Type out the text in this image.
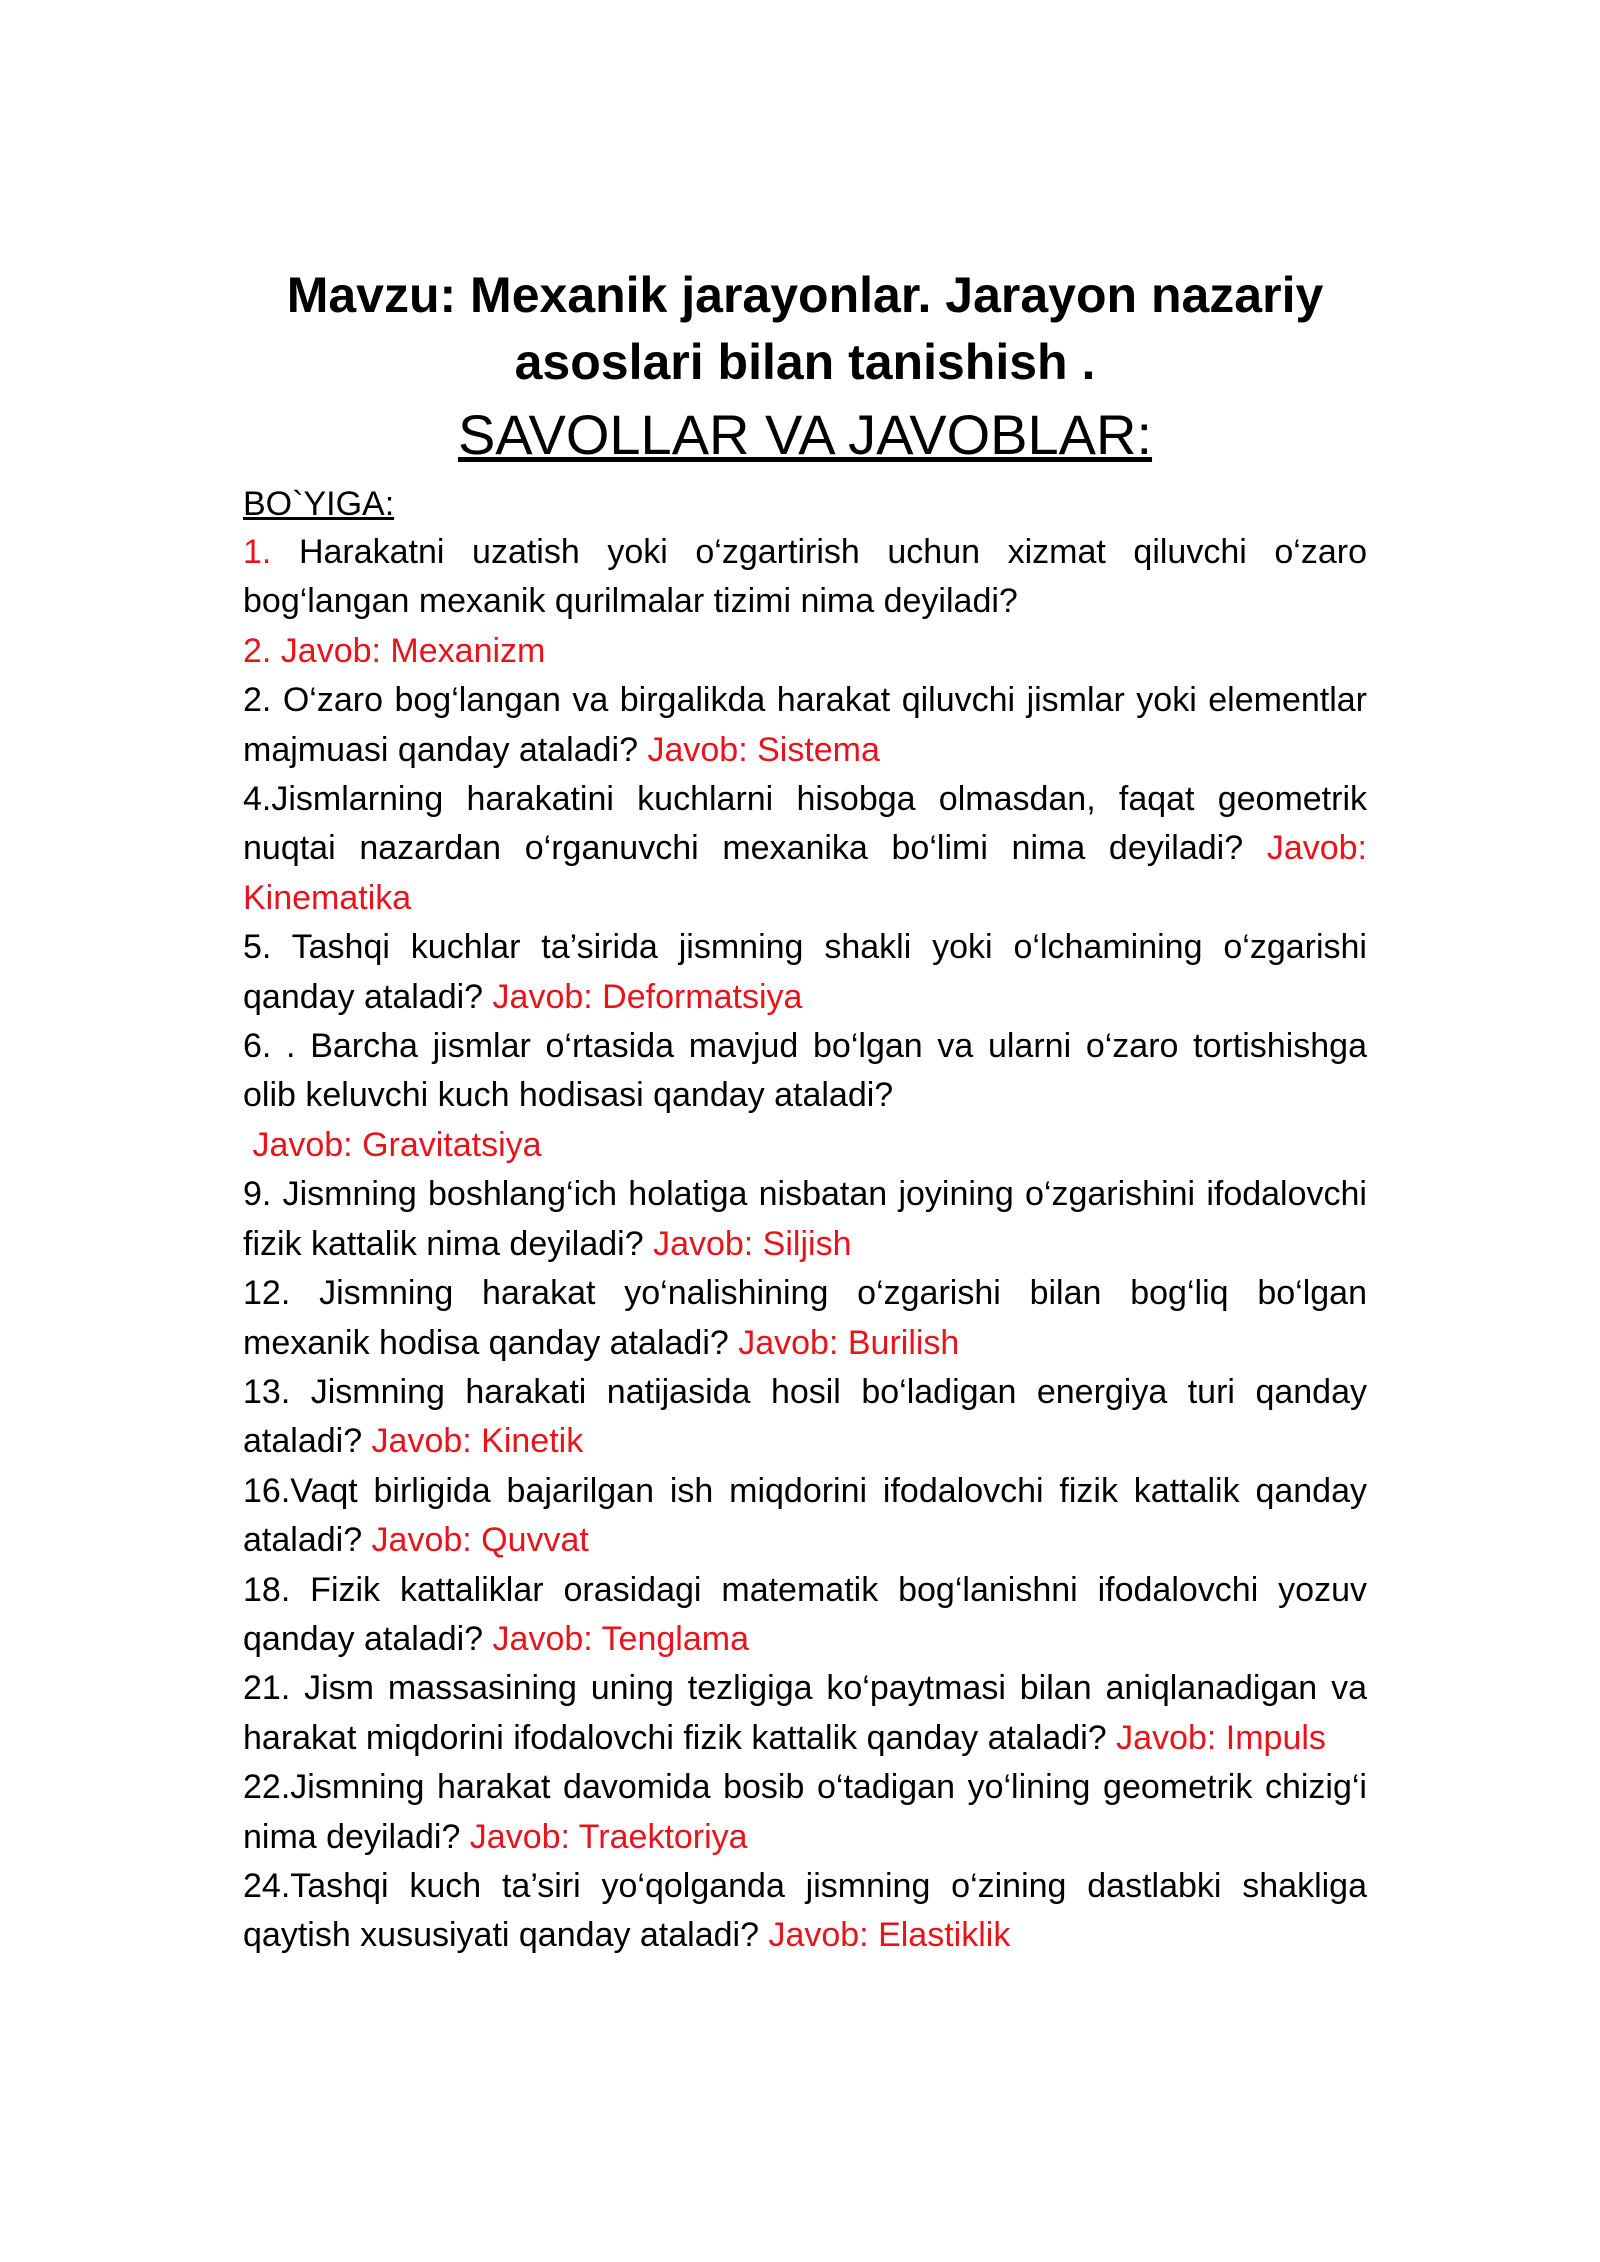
Mavzu: Mexanik jarayonlar. Jarayon nazariy asoslari bilan tanishish .
SAVOLLAR VA JAVOBLAR:
BO`YIGA:

1. Harakatni uzatish yoki o‘zgartirish uchun xizmat qiluvchi o‘zaro bog‘langan mexanik qurilmalar tizimi nima deyiladi?

2. Javob: Mexanizm

2. O‘zaro bog‘langan va birgalikda harakat qiluvchi jismlar yoki elementlar majmuasi qanday ataladi? Javob: Sistema

4.Jismlarning harakatini kuchlarni hisobga olmasdan, faqat geometrik nuqtai nazardan o‘rganuvchi mexanika bo‘limi nima deyiladi? Javob: Kinematika

5. Tashqi kuchlar ta’sirida jismning shakli yoki o‘lchamining o‘zgarishi qanday ataladi? Javob: Deformatsiya

6. . Barcha jismlar o‘rtasida mavjud bo‘lgan va ularni o‘zaro tortishishga olib keluvchi kuch hodisasi qanday ataladi?

Javob: Gravitatsiya

9. Jismning boshlang‘ich holatiga nisbatan joyining o‘zgarishini ifodalovchi fizik kattalik nima deyiladi? Javob: Siljish

12. Jismning harakat yo‘nalishining o‘zgarishi bilan bog‘liq bo‘lgan mexanik hodisa qanday ataladi? Javob: Burilish

13. Jismning harakati natijasida hosil bo‘ladigan energiya turi qanday ataladi? Javob: Kinetik

16.Vaqt birligida bajarilgan ish miqdorini ifodalovchi fizik kattalik qanday ataladi? Javob: Quvvat

18. Fizik kattaliklar orasidagi matematik bog‘lanishni ifodalovchi yozuv qanday ataladi? Javob: Tenglama

21. Jism massasining uning tezligiga ko‘paytmasi bilan aniqlanadigan va harakat miqdorini ifodalovchi fizik kattalik qanday ataladi? Javob: Impuls

22.Jismning harakat davomida bosib o‘tadigan yo‘lining geometrik chizig‘i nima deyiladi? Javob: Traektoriya

24.Tashqi kuch ta’siri yo‘qolganda jismning o‘zining dastlabki shakliga qaytish xususiyati qanday ataladi? Javob: Elastiklik
